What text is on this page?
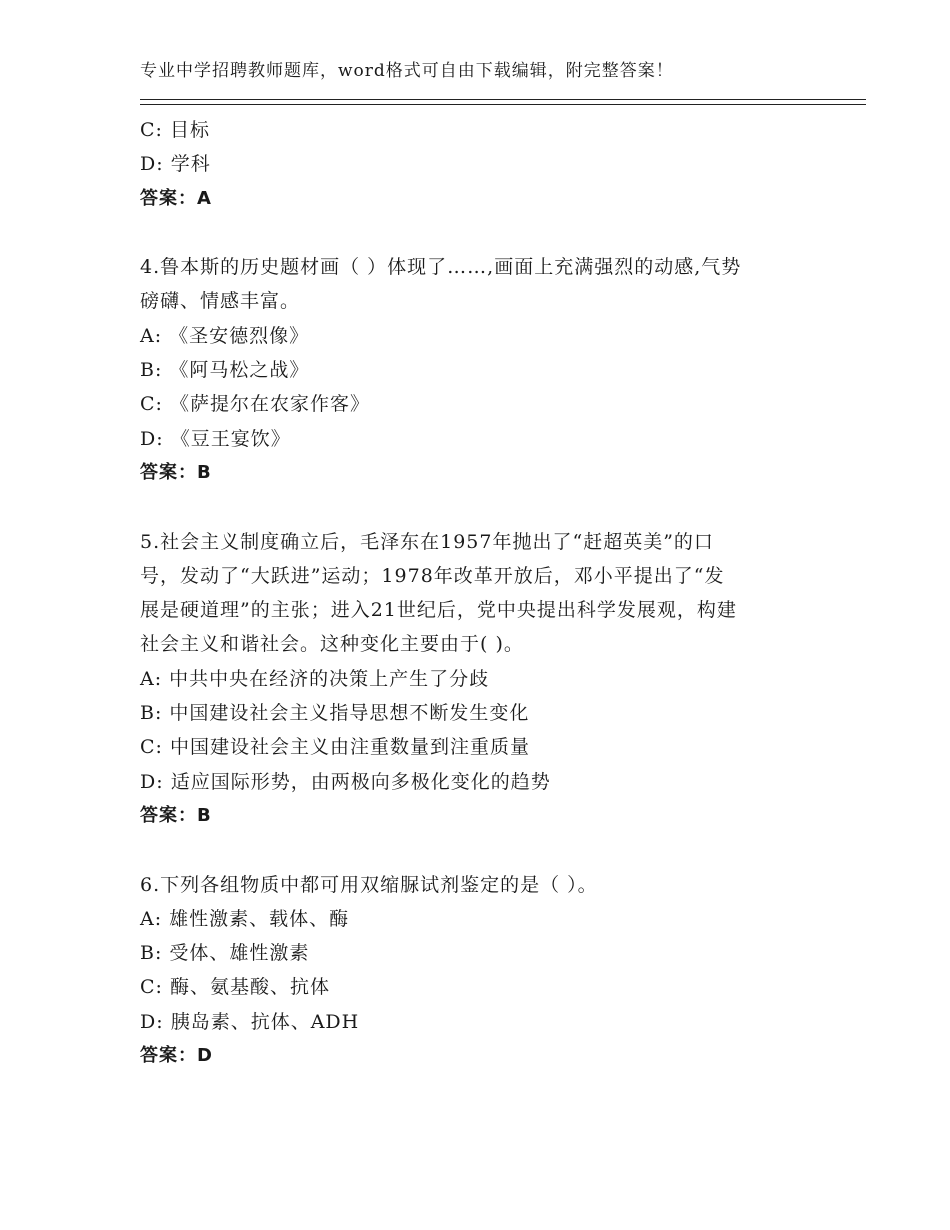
专业中学招聘教师题库，word格式可自由下载编辑，附完整答案！
C: 目标
D: 学科
答案：A
4.鲁本斯的历史题材画（ ）体现了……,画面上充满强烈的动感,气势
磅礴、情感丰富。
A: 《圣安德烈像》
B: 《阿马松之战》
C: 《萨提尔在农家作客》
D: 《豆王宴饮》
答案：B
5.社会主义制度确立后，毛泽东在1957年抛出了“赶超英美”的口
号，发动了“大跃进”运动；1978年改革开放后，邓小平提出了“发
展是硬道理”的主张；进入21世纪后，党中央提出科学发展观，构建
社会主义和谐社会。这种变化主要由于( )。
A: 中共中央在经济的决策上产生了分歧
B: 中国建设社会主义指导思想不断发生变化
C: 中国建设社会主义由注重数量到注重质量
D: 适应国际形势，由两极向多极化变化的趋势
答案：B
6.下列各组物质中都可用双缩脲试剂鉴定的是（ ）。
A: 雄性激素、载体、酶
B: 受体、雄性激素
C: 酶、氨基酸、抗体
D: 胰岛素、抗体、ADH
答案：D
